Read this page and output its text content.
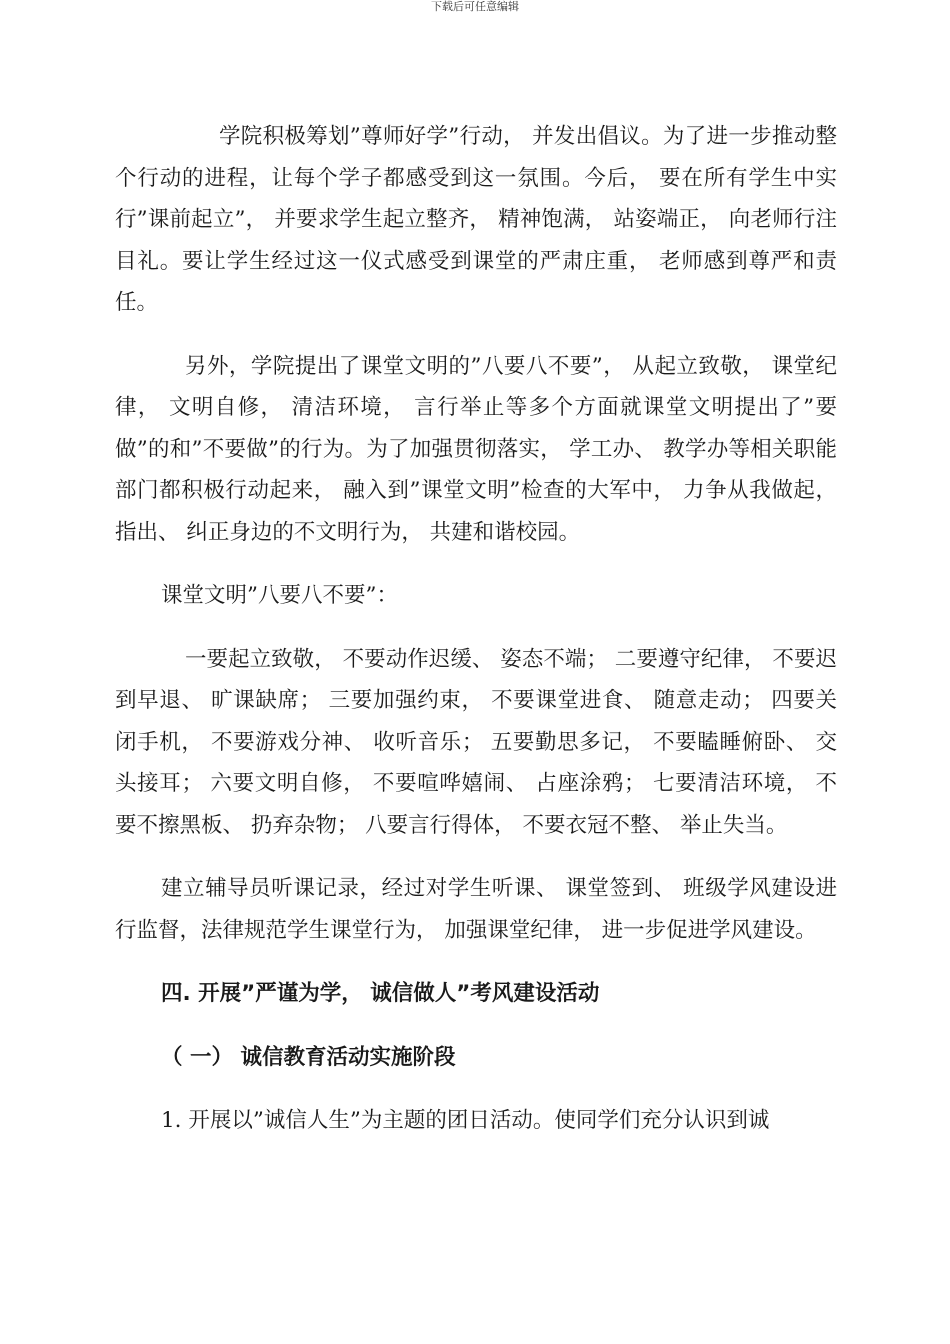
下载后可任意编辑

学院积极筹划”尊师好学”行动， 并发出倡议。为了进一步推动整个行动的进程，让每个学子都感受到这一氛围。今后， 要在所有学生中实行”课前起立”， 并要求学生起立整齐， 精神饱满， 站姿端正， 向老师行注目礼。要让学生经过这一仪式感受到课堂的严肃庄重， 老师感到尊严和责任。

另外，学院提出了课堂文明的”八要八不要”， 从起立致敬， 课堂纪律， 文明自修， 清洁环境， 言行举止等多个方面就课堂文明提出了”要做”的和”不要做”的行为。为了加强贯彻落实， 学工办、 教学办等相关职能部门都积极行动起来， 融入到”课堂文明”检查的大军中， 力争从我做起， 指出、 纠正身边的不文明行为， 共建和谐校园。

课堂文明”八要八不要”：

一要起立致敬， 不要动作迟缓、 姿态不端； 二要遵守纪律， 不要迟到早退、 旷课缺席； 三要加强约束， 不要课堂进食、 随意走动； 四要关闭手机， 不要游戏分神、 收听音乐； 五要勤思多记， 不要瞌睡俯卧、 交头接耳； 六要文明自修， 不要喧哗嬉闹、 占座涂鸦； 七要清洁环境， 不要不擦黑板、 扔弃杂物； 八要言行得体， 不要衣冠不整、 举止失当。

建立辅导员听课记录，经过对学生听课、 课堂签到、 班级学风建设进行监督，法律规范学生课堂行为， 加强课堂纪律， 进一步促进学风建设。

四. 开展”严谨为学， 诚信做人”考风建设活动
（ 一） 诚信教育活动实施阶段

1. 开展以”诚信人生”为主题的团日活动。使同学们充分认识到诚
